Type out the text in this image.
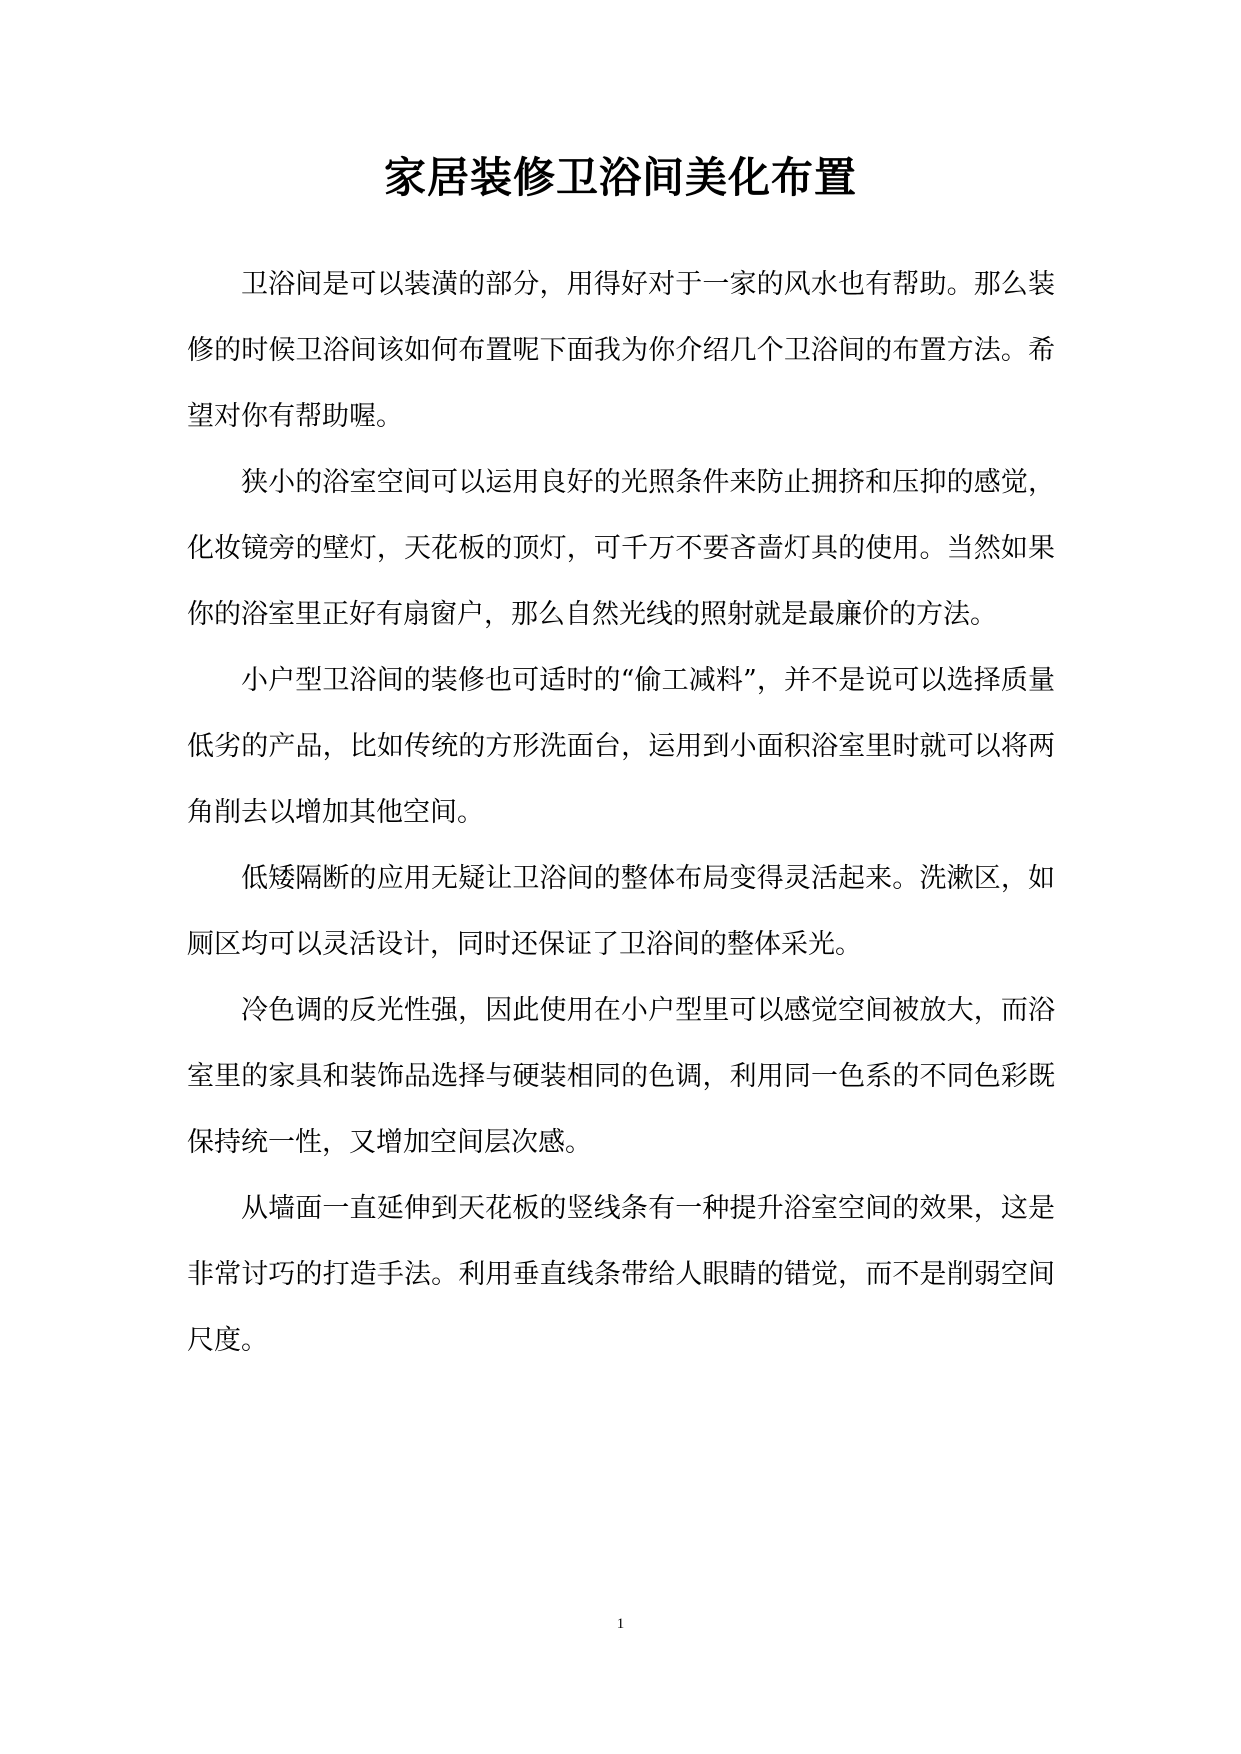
家居装修卫浴间美化布置

卫浴间是可以装潢的部分，用得好对于一家的风水也有帮助。那么装修的时候卫浴间该如何布置呢下面我为你介绍几个卫浴间的布置方法。希望对你有帮助喔。

狭小的浴室空间可以运用良好的光照条件来防止拥挤和压抑的感觉，化妆镜旁的壁灯，天花板的顶灯，可千万不要吝啬灯具的使用。当然如果你的浴室里正好有扇窗户，那么自然光线的照射就是最廉价的方法。

小户型卫浴间的装修也可适时的“偷工减料”，并不是说可以选择质量低劣的产品，比如传统的方形洗面台，运用到小面积浴室里时就可以将两角削去以增加其他空间。

低矮隔断的应用无疑让卫浴间的整体布局变得灵活起来。洗漱区，如厕区均可以灵活设计，同时还保证了卫浴间的整体采光。

冷色调的反光性强，因此使用在小户型里可以感觉空间被放大，而浴室里的家具和装饰品选择与硬装相同的色调，利用同一色系的不同色彩既保持统一性，又增加空间层次感。

从墙面一直延伸到天花板的竖线条有一种提升浴室空间的效果，这是非常讨巧的打造手法。利用垂直线条带给人眼睛的错觉，而不是削弱空间尺度。

1
